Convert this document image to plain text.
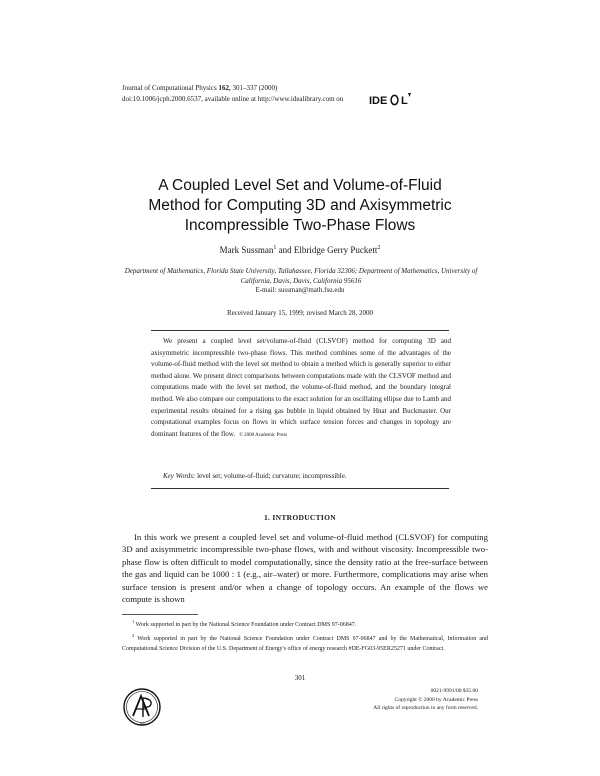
Journal of Computational Physics 162, 301–337 (2000)
doi:10.1006/jcph.2000.6537, available online at http://www.idealibrary.com on	IDE L
A Coupled Level Set and Volume-of-Fluid
Method for Computing 3D and Axisymmetric
Incompressible Two-Phase Flows
Mark Sussman$^1$ and Elbridge Gerry Puckett$^2$
Department of Mathematics, Florida State University, Tallahassee, Florida 32306; Department of Mathematics, University of California, Davis, Davis, California 95616
E-mail: sussman@math.fsu.edu
Received January 15, 1999; revised March 28, 2000
We present a coupled level set/volume-of-fluid (CLSVOF) method for computing 3D and axisymmetric incompressible two-phase flows. This method combines some of the advantages of the volume-of-fluid method with the level set method to obtain a method which is generally superior to either method alone. We present direct comparisons between computations made with the CLSVOF method and computations made with the level set method, the volume-of-fluid method, and the boundary integral method. We also compare our computations to the exact solution for an oscillating ellipse due to Lamb and experimental results obtained for a rising gas bubble in liquid obtained by Hnat and Buckmaster. Our computational examples focus on flows in which surface tension forces and changes in topology are dominant features of the flow. © 2000 Academic Press
Key Words: level set; volume-of-fluid; curvature; incompressible.
1. INTRODUCTION
In this work we present a coupled level set and volume-of-fluid method (CLSVOF) for computing 3D and axisymmetric incompressible two-phase flows, with and without viscosity. Incompressible two-phase flow is often difficult to model computationally, since the density ratio at the free-surface between the gas and liquid can be 1000 : 1 (e.g., air–water) or more. Furthermore, complications may arise when surface tension is present and/or when a change of topology occurs. An example of the flows we compute is shown
$^1$ Work supported in part by the National Science Foundation under Contract DMS 97-06847.
$^2$ Work supported in part by the National Science Foundation under Contract DMS 97-06847 and by the Mathematical, Information and Computational Science Division of the U.S. Department of Energy's office of energy research #DE-FG03-95ER25271 under Contract.
301
AP
0021-9991/00 $35.00
Copyright © 2000 by Academic Press
All rights of reproduction in any form reserved.
